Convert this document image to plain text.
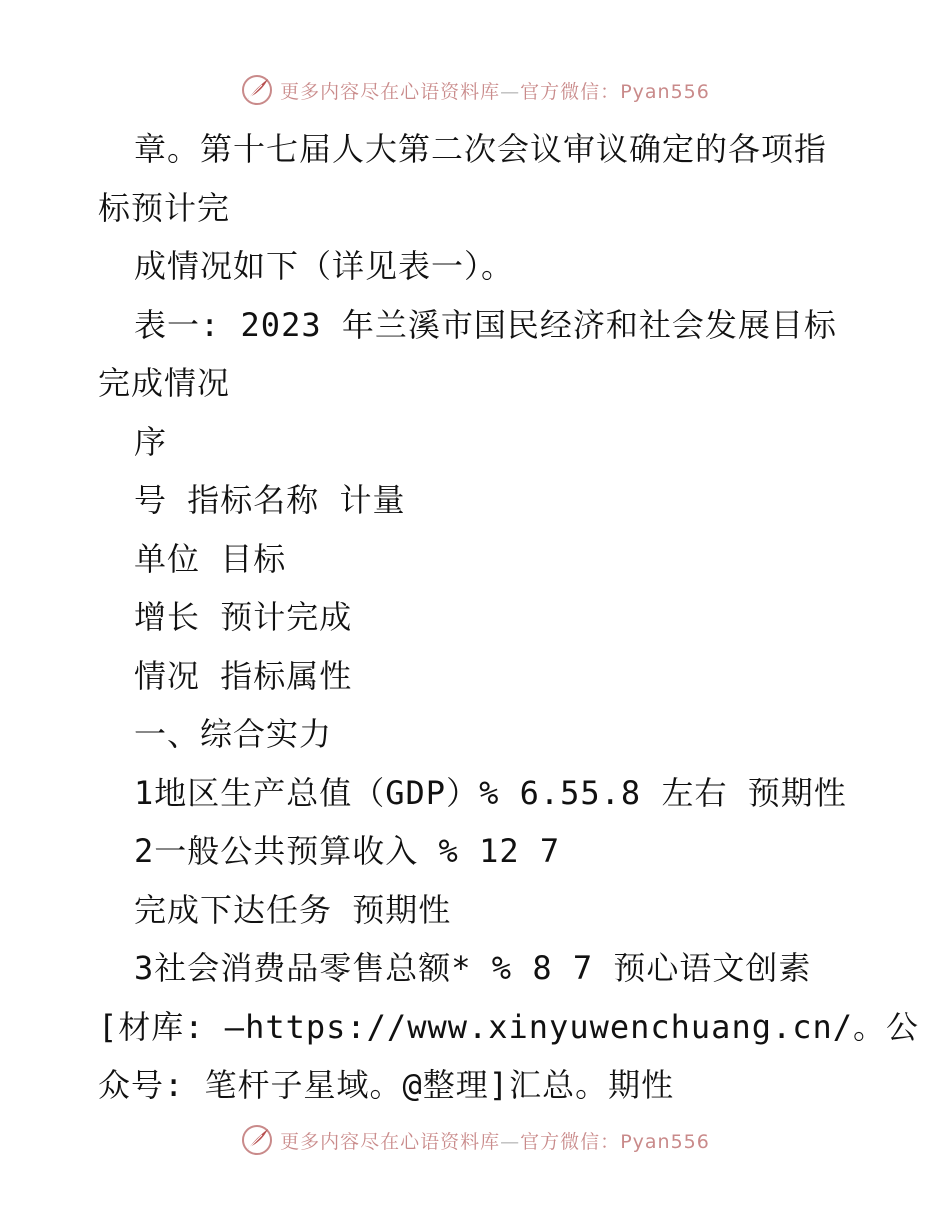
更多内容尽在心语资料库—官方微信：Pyan556
章。第十七届人大第二次会议审议确定的各项指
标预计完
成情况如下（详见表一）。
表一: 2023 年兰溪市国民经济和社会发展目标
完成情况
序
号 指标名称 计量
单位 目标
增长 预计完成
情况 指标属性
一、综合实力
1地区生产总值（GDP）% 6.55.8 左右 预期性
2一般公共预算收入 % 12 7
完成下达任务 预期性
3社会消费品零售总额* % 8 7 预心语文创素
[材库: —https://www.xinyuwenchuang.cn/。公
众号: 笔杆子星域。@整理]汇总。期性
更多内容尽在心语资料库—官方微信：Pyan556
